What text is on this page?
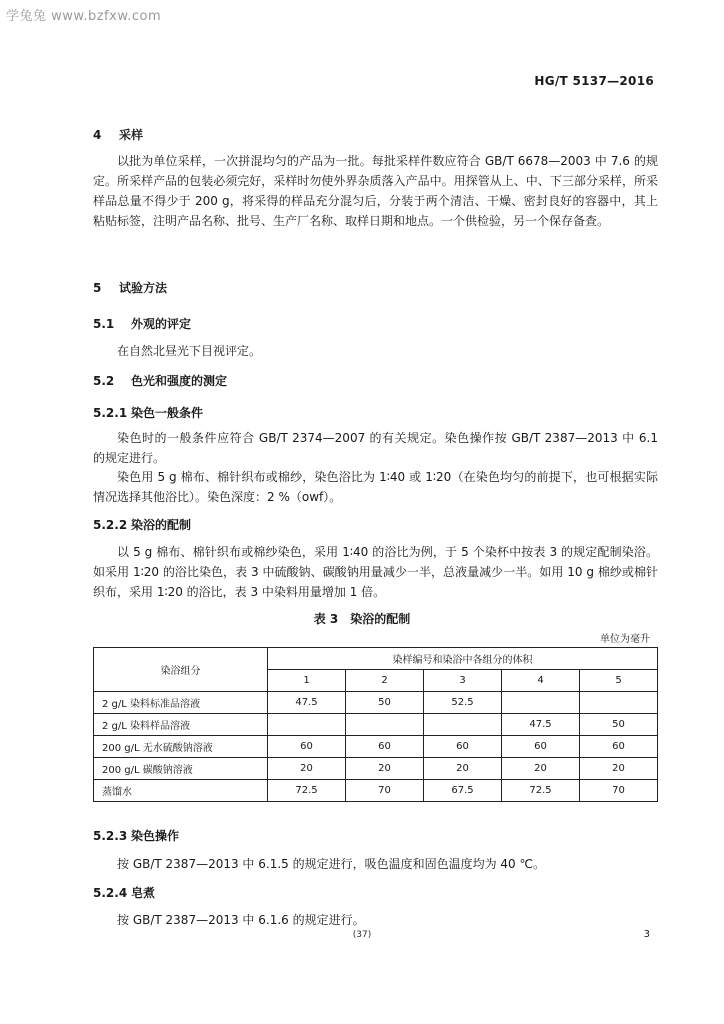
学兔兔 www.bzfxw.com
HG/T 5137—2016
4 采样
以批为单位采样，一次拼混均匀的产品为一批。每批采样件数应符合 GB/T 6678—2003 中 7.6 的规定。所采样产品的包装必须完好，采样时勿使外界杂质落入产品中。用探管从上、中、下三部分采样，所采样品总量不得少于 200 g，将采得的样品充分混匀后，分装于两个清洁、干燥、密封良好的容器中，其上粘贴标签，注明产品名称、批号、生产厂名称、取样日期和地点。一个供检验，另一个保存备查。
5 试验方法
5.1 外观的评定
在自然北昼光下目视评定。
5.2 色光和强度的测定
5.2.1 染色一般条件
染色时的一般条件应符合 GB/T 2374—2007 的有关规定。染色操作按 GB/T 2387—2013 中 6.1 的规定进行。
染色用 5 g 棉布、棉针织布或棉纱，染色浴比为 1∶40 或 1∶20（在染色均匀的前提下，也可根据实际情况选择其他浴比）。染色深度：2 %（owf）。
5.2.2 染浴的配制
以 5 g 棉布、棉针织布或棉纱染色，采用 1∶40 的浴比为例，于 5 个染杯中按表 3 的规定配制染浴。如采用 1∶20 的浴比染色，表 3 中硫酸钠、碳酸钠用量减少一半，总液量减少一半。如用 10 g 棉纱或棉针织布，采用 1∶20 的浴比，表 3 中染料用量增加 1 倍。
表 3　染浴的配制
单位为毫升
染浴组分	染样编号和染浴中各组分的体积				
	1	2	3	4	5
2 g/L 染料标准品溶液	47.5	50	52.5		
2 g/L 染料样品溶液				47.5	50
200 g/L 无水硫酸钠溶液	60	60	60	60	60
200 g/L 碳酸钠溶液	20	20	20	20	20
蒸馏水	72.5	70	67.5	72.5	70
5.2.3 染色操作
按 GB/T 2387—2013 中 6.1.5 的规定进行，吸色温度和固色温度均为 40 ℃。
5.2.4 皂煮
按 GB/T 2387—2013 中 6.1.6 的规定进行。
(37)	3
